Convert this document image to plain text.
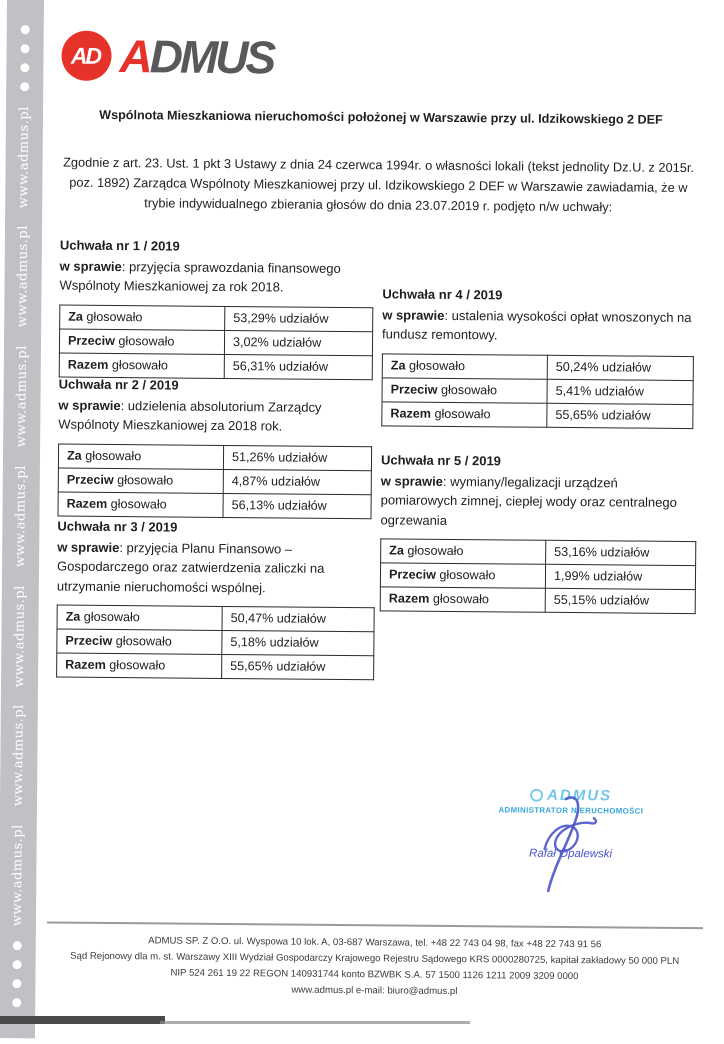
www.admus.pl
www.admus.pl
www.admus.pl
www.admus.pl
www.admus.pl
www.admus.pl
www.admus.pl
AD ADMUS
Wspólnota Mieszkaniowa nieruchomości położonej w Warszawie przy ul. Idzikowskiego 2 DEF
Zgodnie z art. 23. Ust. 1 pkt 3 Ustawy z dnia 24 czerwca 1994r. o własności lokali (tekst jednolity Dz.U. z 2015r. poz. 1892) Zarządca Wspólnoty Mieszkaniowej przy ul. Idzikowskiego 2 DEF w Warszawie zawiadamia, że w trybie indywidualnego zbierania głosów do dnia 23.07.2019 r. podjęto n/w uchwały:
Uchwała nr 1 / 2019
w sprawie: przyjęcia sprawozdania finansowego Wspólnoty Mieszkaniowej za rok 2018.
Za głosowało	53,29% udziałów
Przeciw głosowało	3,02% udziałów
Razem głosowało	56,31% udziałów
Uchwała nr 2 / 2019
w sprawie: udzielenia absolutorium Zarządcy Wspólnoty Mieszkaniowej za 2018 rok.
Za głosowało	51,26% udziałów
Przeciw głosowało	4,87% udziałów
Razem głosowało	56,13% udziałów
Uchwała nr 3 / 2019
w sprawie: przyjęcia Planu Finansowo – Gospodarczego oraz zatwierdzenia zaliczki na utrzymanie nieruchomości wspólnej.
Za głosowało	50,47% udziałów
Przeciw głosowało	5,18% udziałów
Razem głosowało	55,65% udziałów
Uchwała nr 4 / 2019
w sprawie: ustalenia wysokości opłat wnoszonych na fundusz remontowy.
Za głosowało	50,24% udziałów
Przeciw głosowało	5,41% udziałów
Razem głosowało	55,65% udziałów
Uchwała nr 5 / 2019
w sprawie: wymiany/legalizacji urządzeń pomiarowych zimnej, ciepłej wody oraz centralnego ogrzewania
Za głosowało	53,16% udziałów
Przeciw głosowało	1,99% udziałów
Razem głosowało	55,15% udziałów
ADMUS
ADMINISTRATOR NIERUCHOMOŚCI
Rafał Opalewski
ADMUS SP. Z O.O. ul. Wyspowa 10 lok. A, 03-687 Warszawa, tel. +48 22 743 04 98, fax +48 22 743 91 56
Sąd Rejonowy dla m. st. Warszawy XIII Wydział Gospodarczy Krajowego Rejestru Sądowego KRS 0000280725, kapitał zakładowy 50 000 PLN
NIP 524 261 19 22 REGON 140931744 konto BZWBK S.A. 57 1500 1126 1211 2009 3209 0000
www.admus.pl e-mail: biuro@admus.pl
